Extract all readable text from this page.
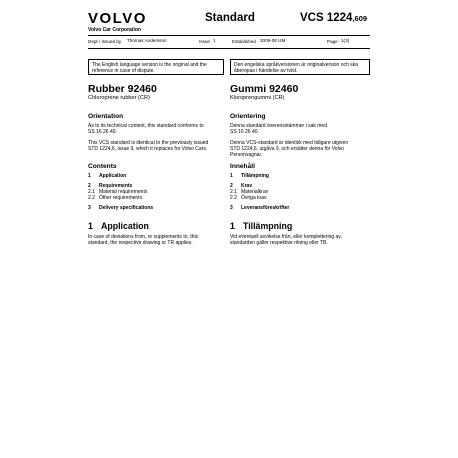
VOLVO
Volvo Car Corporation
Standard	VCS 1224,609
Dept / Issued by Thomas Andersson	Issue 1	Established 2009-08 UM	Page 1(3)
The English language version is the original and the
reference in case of dispute.
Den engelska språkversionen är originalversion och ska
åberopas i händelse av tvist.
Rubber 92460
Chloroprene rubber (CR)
Orientation

As to its technical content, this standard conforms to
SS 16 26 40.

This VCS standard is identical to the previously issued
STD 1224,6, issue 9, which it replaces for Volvo Cars.

Contents
1	Application
2	Requirements
2.1 Material requirements
2.2 Other requirements
3	Delivery specifications
1 Application

In case of deviations from, or supplements to, this
standard, the respective drawing or TR applies.

Gummi 92460
Kloroprengummi (CR)
Orientering

Denna standard överensstämmer i sak med
SS 16 26 40.

Denna VCS-standard är identisk med tidigare utgiven
STD 1224,6, utgåva 9, och ersätter denna för Volvo
Personvagnar.

Innehåll
1	Tillämpning
2	Krav
2.1 Materialkrav
2.2 Övriga krav
3	Leveransföreskrifter
1 Tillämpning

Vid eventuell avvikelse från, eller komplettering av,
standarden gäller respektive ritning eller TB.
